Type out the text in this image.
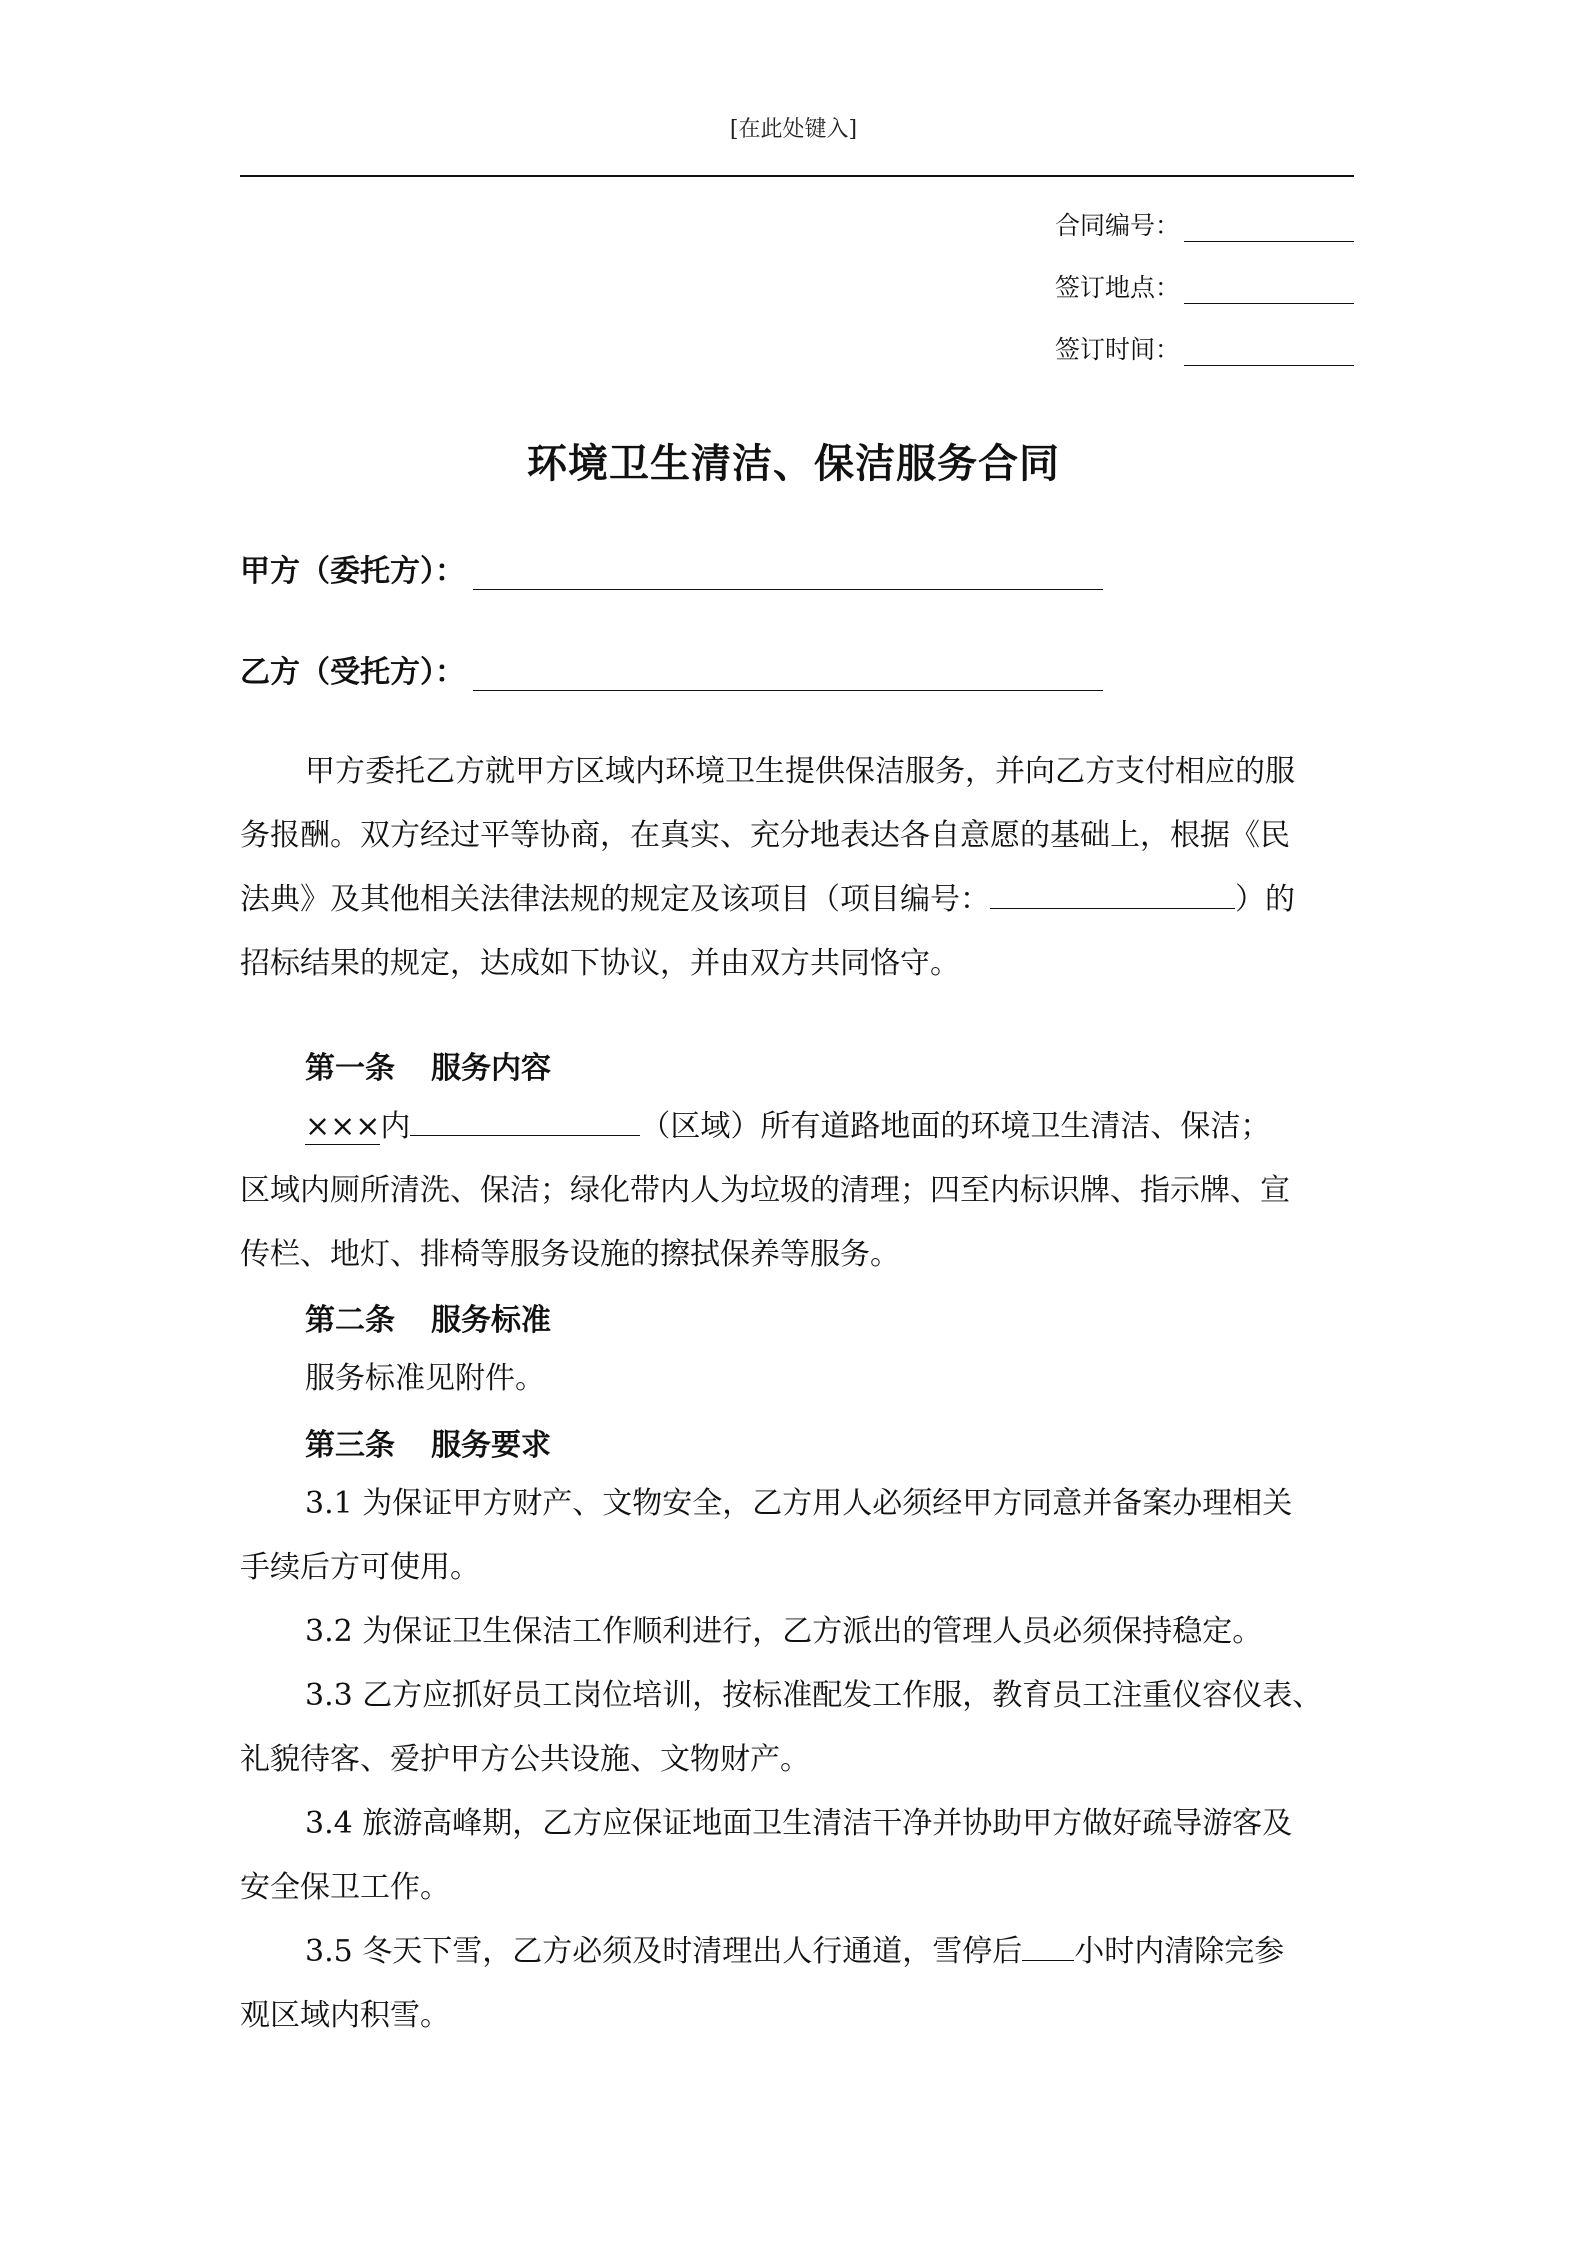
[在此处键入]
合同编号：
签订地点：
签订时间：
环境卫生清洁、保洁服务合同
甲方（委托方）：
乙方（受托方）：
甲方委托乙方就甲方区域内环境卫生提供保洁服务，并向乙方支付相应的服
务报酬。双方经过平等协商，在真实、充分地表达各自意愿的基础上，根据《民
法典》及其他相关法律法规的规定及该项目（项目编号：	）的
招标结果的规定，达成如下协议，并由双方共同恪守。
第一条 服务内容
×××内	（区域）所有道路地面的环境卫生清洁、保洁；
区域内厕所清洗、保洁；绿化带内人为垃圾的清理；四至内标识牌、指示牌、宣
传栏、地灯、排椅等服务设施的擦拭保养等服务。
第二条 服务标准
服务标准见附件。
第三条 服务要求
3.1 为保证甲方财产、文物安全，乙方用人必须经甲方同意并备案办理相关
手续后方可使用。
3.2 为保证卫生保洁工作顺利进行，乙方派出的管理人员必须保持稳定。
3.3 乙方应抓好员工岗位培训，按标准配发工作服，教育员工注重仪容仪表、
礼貌待客、爱护甲方公共设施、文物财产。
3.4 旅游高峰期，乙方应保证地面卫生清洁干净并协助甲方做好疏导游客及
安全保卫工作。
3.5 冬天下雪，乙方必须及时清理出人行通道，雪停后 小时内清除完参
观区域内积雪。
